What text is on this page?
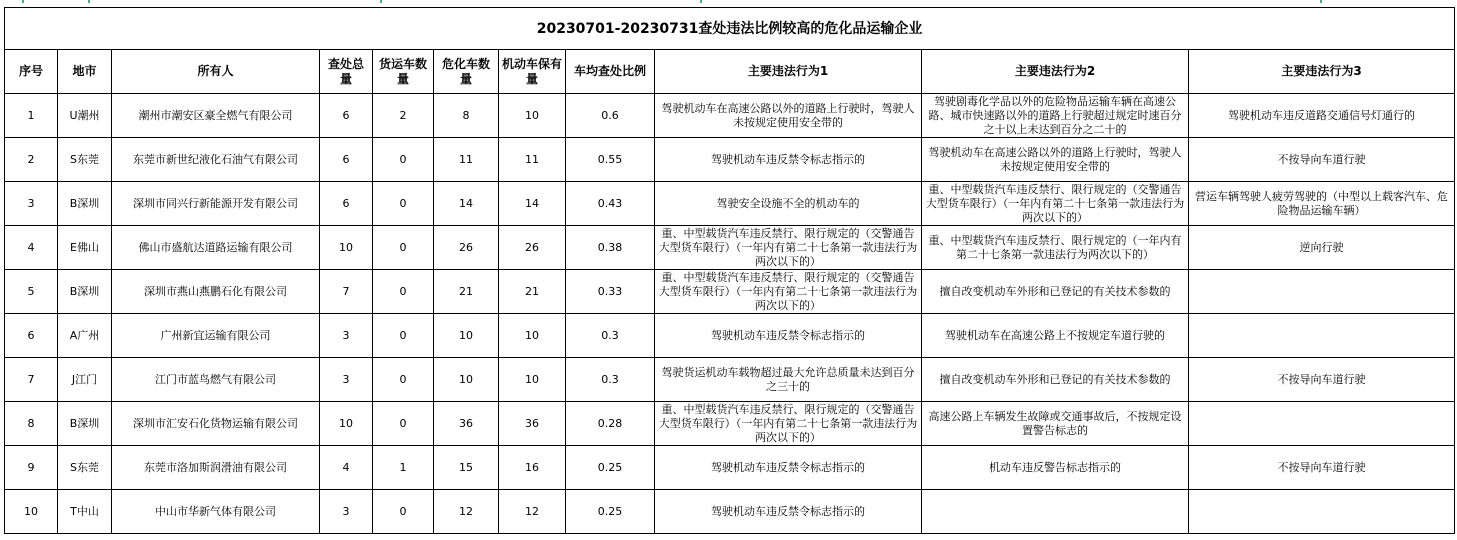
20230701-20230731查处违法比例较高的危化品运输企业										
序号	地市	所有人	查处总量	货运车数量	危化车数量	机动车保有量	车均查处比例	主要违法行为1	主要违法行为2	主要违法行为3

1	U潮州	潮州市潮安区豪全燃气有限公司	6	2	8	10	0.6	驾驶机动车在高速公路以外的道路上行驶时，驾驶人未按规定使用安全带的	驾驶剧毒化学品以外的危险物品运输车辆在高速公路、城市快速路以外的道路上行驶超过规定时速百分之十以上未达到百分之二十的	驾驶机动车违反道路交通信号灯通行的

2	S东莞	东莞市新世纪液化石油气有限公司	6	0	11	11	0.55	驾驶机动车违反禁令标志指示的	驾驶机动车在高速公路以外的道路上行驶时，驾驶人未按规定使用安全带的	不按导向车道行驶

3	B深圳	深圳市同兴行新能源开发有限公司	6	0	14	14	0.43	驾驶安全设施不全的机动车的	重、中型载货汽车违反禁行、限行规定的（交警通告大型货车限行）（一年内有第二十七条第一款违法行为两次以下的）	营运车辆驾驶人疲劳驾驶的（中型以上载客汽车、危险物品运输车辆）

4	E佛山	佛山市盛航达道路运输有限公司	10	0	26	26	0.38	重、中型载货汽车违反禁行、限行规定的（交警通告大型货车限行）（一年内有第二十七条第一款违法行为两次以下的）	重、中型载货汽车违反禁行、限行规定的（一年内有第二十七条第一款违法行为两次以下的）	逆向行驶

5	B深圳	深圳市燕山燕鹏石化有限公司	7	0	21	21	0.33	重、中型载货汽车违反禁行、限行规定的（交警通告大型货车限行）（一年内有第二十七条第一款违法行为两次以下的）	擅自改变机动车外形和已登记的有关技术参数的	

6	A广州	广州新宜运输有限公司	3	0	10	10	0.3	驾驶机动车违反禁令标志指示的	驾驶机动车在高速公路上不按规定车道行驶的	

7	J江门	江门市蓝鸟燃气有限公司	3	0	10	10	0.3	驾驶货运机动车载物超过最大允许总质量未达到百分之三十的	擅自改变机动车外形和已登记的有关技术参数的	不按导向车道行驶

8	B深圳	深圳市汇安石化货物运输有限公司	10	0	36	36	0.28	重、中型载货汽车违反禁行、限行规定的（交警通告大型货车限行）（一年内有第二十七条第一款违法行为两次以下的）	高速公路上车辆发生故障或交通事故后，不按规定设置警告标志的	

9	S东莞	东莞市洛加斯润滑油有限公司	4	1	15	16	0.25	驾驶机动车违反禁令标志指示的	机动车违反警告标志指示的	不按导向车道行驶

10	T中山	中山市华新气体有限公司	3	0	12	12	0.25	驾驶机动车违反禁令标志指示的		
